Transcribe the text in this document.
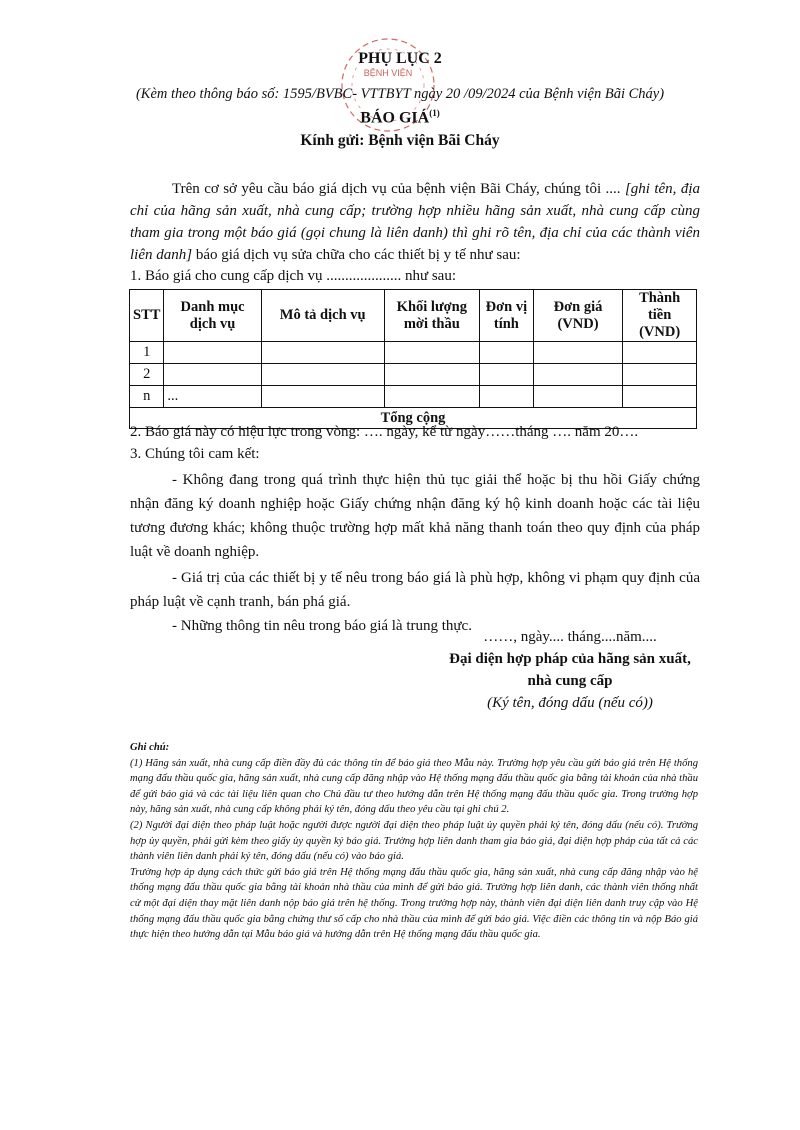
BỆNH VIỆN
PHỤ LỤC 2
(Kèm theo thông báo số: 1595/BVBC- VTTBYT ngày 20 /09/2024 của Bệnh viện Bãi Cháy)
BÁO GIÁ$^{(1)}$
Kính gửi: Bệnh viện Bãi Cháy
Trên cơ sở yêu cầu báo giá dịch vụ của bệnh viện Bãi Cháy, chúng tôi .... [ghi tên, địa chỉ của hãng sản xuất, nhà cung cấp; trường hợp nhiều hãng sản xuất, nhà cung cấp cùng tham gia trong một báo giá (gọi chung là liên danh) thì ghi rõ tên, địa chỉ của các thành viên liên danh] báo giá dịch vụ sửa chữa cho các thiết bị y tế như sau:
1. Báo giá cho cung cấp dịch vụ .................... như sau:
STT	Danh mục dịch vụ	Mô tả dịch vụ	Khối lượng mời thầu	Đơn vị tính	Đơn giá (VND)	Thành tiền (VND)
1						
2						
n	...					
Tổng cộng						
2. Báo giá này có hiệu lực trong vòng: …. ngày, kể từ ngày……tháng …. năm 20….
3. Chúng tôi cam kết:
- Không đang trong quá trình thực hiện thủ tục giải thể hoặc bị thu hồi Giấy chứng nhận đăng ký doanh nghiệp hoặc Giấy chứng nhận đăng ký hộ kinh doanh hoặc các tài liệu tương đương khác; không thuộc trường hợp mất khả năng thanh toán theo quy định của pháp luật về doanh nghiệp.
- Giá trị của các thiết bị y tế nêu trong báo giá là phù hợp, không vi phạm quy định của pháp luật về cạnh tranh, bán phá giá.
- Những thông tin nêu trong báo giá là trung thực.
……, ngày.... tháng....năm....
Đại diện hợp pháp của hãng sản xuất,
nhà cung cấp
(Ký tên, đóng dấu (nếu có))

Ghi chú:

(1) Hãng sản xuất, nhà cung cấp điền đầy đủ các thông tin để báo giá theo Mẫu này. Trường hợp yêu cầu gửi báo giá trên Hệ thống mạng đấu thầu quốc gia, hãng sản xuất, nhà cung cấp đăng nhập vào Hệ thống mạng đấu thầu quốc gia bằng tài khoản của nhà thầu để gửi báo giá và các tài liệu liên quan cho Chủ đầu tư theo hướng dẫn trên Hệ thống mạng đấu thầu quốc gia. Trong trường hợp này, hãng sản xuất, nhà cung cấp không phải ký tên, đóng dấu theo yêu cầu tại ghi chú 2.

(2) Người đại diện theo pháp luật hoặc người được người đại diện theo pháp luật ủy quyền phải ký tên, đóng dấu (nếu có). Trường hợp ủy quyền, phải gửi kèm theo giấy ủy quyền ký báo giá. Trường hợp liên danh tham gia báo giá, đại diện hợp pháp của tất cả các thành viên liên danh phải ký tên, đóng dấu (nếu có) vào báo giá.

Trường hợp áp dụng cách thức gửi báo giá trên Hệ thống mạng đấu thầu quốc gia, hãng sản xuất, nhà cung cấp đăng nhập vào hệ thống mạng đấu thầu quốc gia bằng tài khoản nhà thầu của mình để gửi báo giá. Trường hợp liên danh, các thành viên thống nhất cử một đại diện thay mặt liên danh nộp báo giá trên hệ thống. Trong trường hợp này, thành viên đại diện liên danh truy cập vào Hệ thống mạng đấu thầu quốc gia bằng chứng thư số cấp cho nhà thầu của mình để gửi báo giá. Việc điền các thông tin và nộp Báo giá thực hiện theo hướng dẫn tại Mẫu báo giá và hướng dẫn trên Hệ thống mạng đấu thầu quốc gia.
